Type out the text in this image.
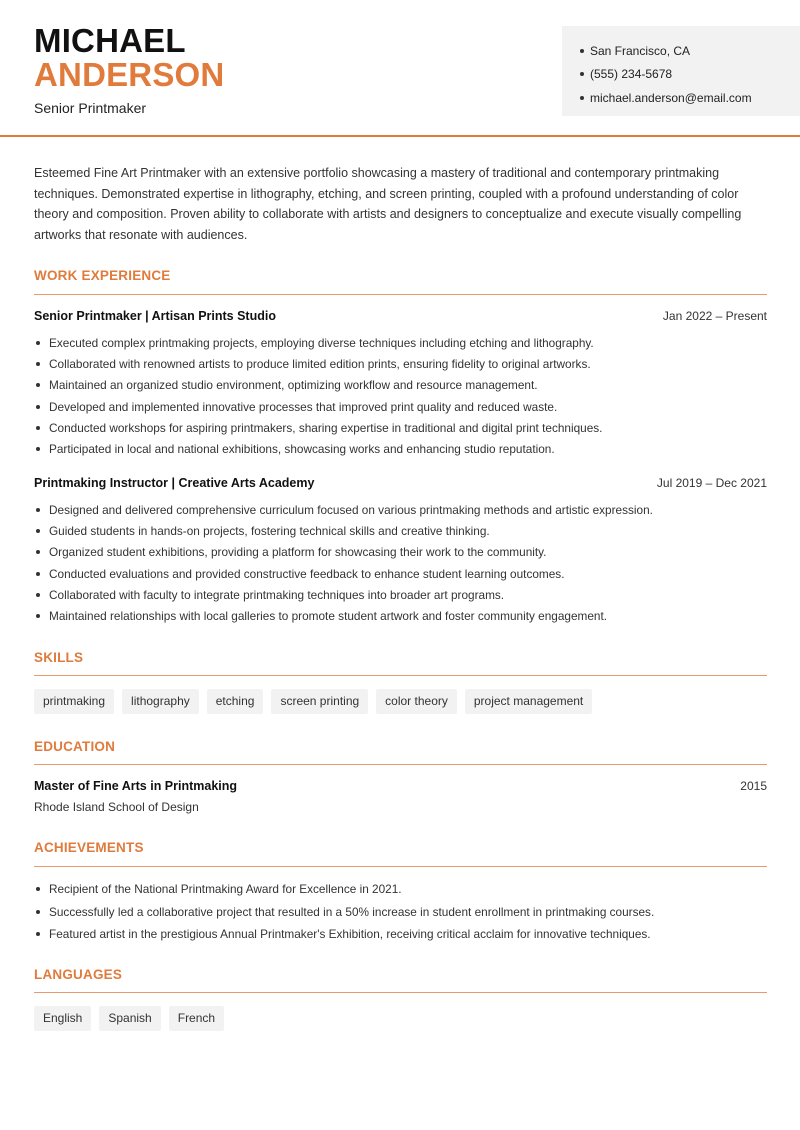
MICHAEL
ANDERSON
Senior Printmaker
San Francisco, CA
(555) 234-5678
michael.anderson@email.com

Esteemed Fine Art Printmaker with an extensive portfolio showcasing a mastery of traditional and contemporary printmaking techniques. Demonstrated expertise in lithography, etching, and screen printing, coupled with a profound understanding of color theory and composition. Proven ability to collaborate with artists and designers to conceptualize and execute visually compelling artworks that resonate with audiences.

WORK EXPERIENCE
Senior Printmaker | Artisan Prints Studio	Jan 2022 – Present
Executed complex printmaking projects, employing diverse techniques including etching and lithography.
Collaborated with renowned artists to produce limited edition prints, ensuring fidelity to original artworks.
Maintained an organized studio environment, optimizing workflow and resource management.
Developed and implemented innovative processes that improved print quality and reduced waste.
Conducted workshops for aspiring printmakers, sharing expertise in traditional and digital print techniques.
Participated in local and national exhibitions, showcasing works and enhancing studio reputation.
Printmaking Instructor | Creative Arts Academy	Jul 2019 – Dec 2021
Designed and delivered comprehensive curriculum focused on various printmaking methods and artistic expression.
Guided students in hands-on projects, fostering technical skills and creative thinking.
Organized student exhibitions, providing a platform for showcasing their work to the community.
Conducted evaluations and provided constructive feedback to enhance student learning outcomes.
Collaborated with faculty to integrate printmaking techniques into broader art programs.
Maintained relationships with local galleries to promote student artwork and foster community engagement.
SKILLS
printmaking	lithography	etching	screen printing	color theory	project management
EDUCATION
Master of Fine Arts in Printmaking	2015
Rhode Island School of Design
ACHIEVEMENTS
Recipient of the National Printmaking Award for Excellence in 2021.
Successfully led a collaborative project that resulted in a 50% increase in student enrollment in printmaking courses.
Featured artist in the prestigious Annual Printmaker's Exhibition, receiving critical acclaim for innovative techniques.
LANGUAGES
English	Spanish	French
